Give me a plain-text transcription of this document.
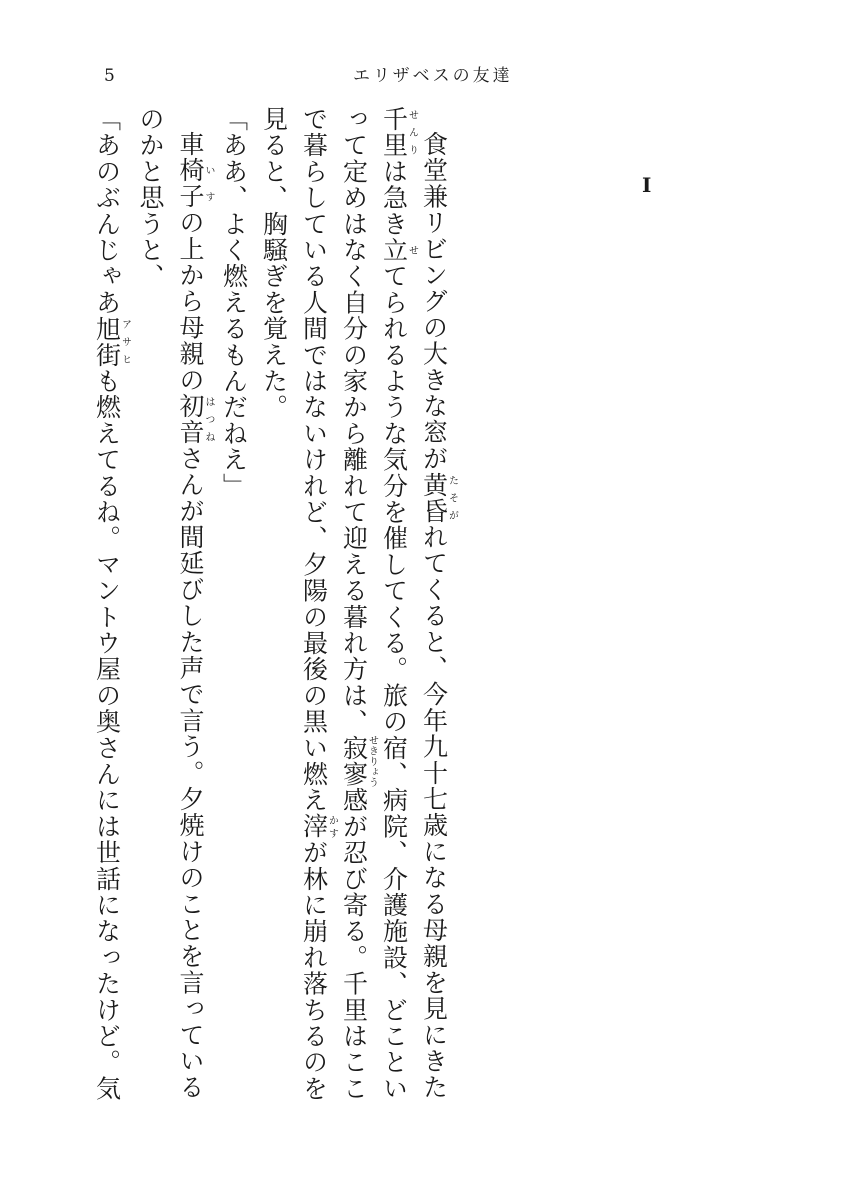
5	エリザベスの友達
I

食堂兼リビングの大きな窓が黄昏たそがれてくると、今年九十七歳になる母親を見にきた千里せんりは急き立せてられるような気分を催してくる。旅の宿、病院、介護施設、どこといって定めはなく自分の家から離れて迎える暮れ方は、寂寥せきりょう感が忍び寄る。千里はここで暮らしている人間ではないけれど、夕陽の最後の黒い燃え滓かすが林に崩れ落ちるのを見ると、胸騒ぎを覚えた。

「ああ、よく燃えるもんだねえ」

車椅子いすの上から母親の初音はつねさんが間延びした声で言う。夕焼けのことを言っているのかと思うと、

「あのぶんじゃあ旭街アサヒも燃えてるね。マントウ屋の奥さんには世話になったけど。気
